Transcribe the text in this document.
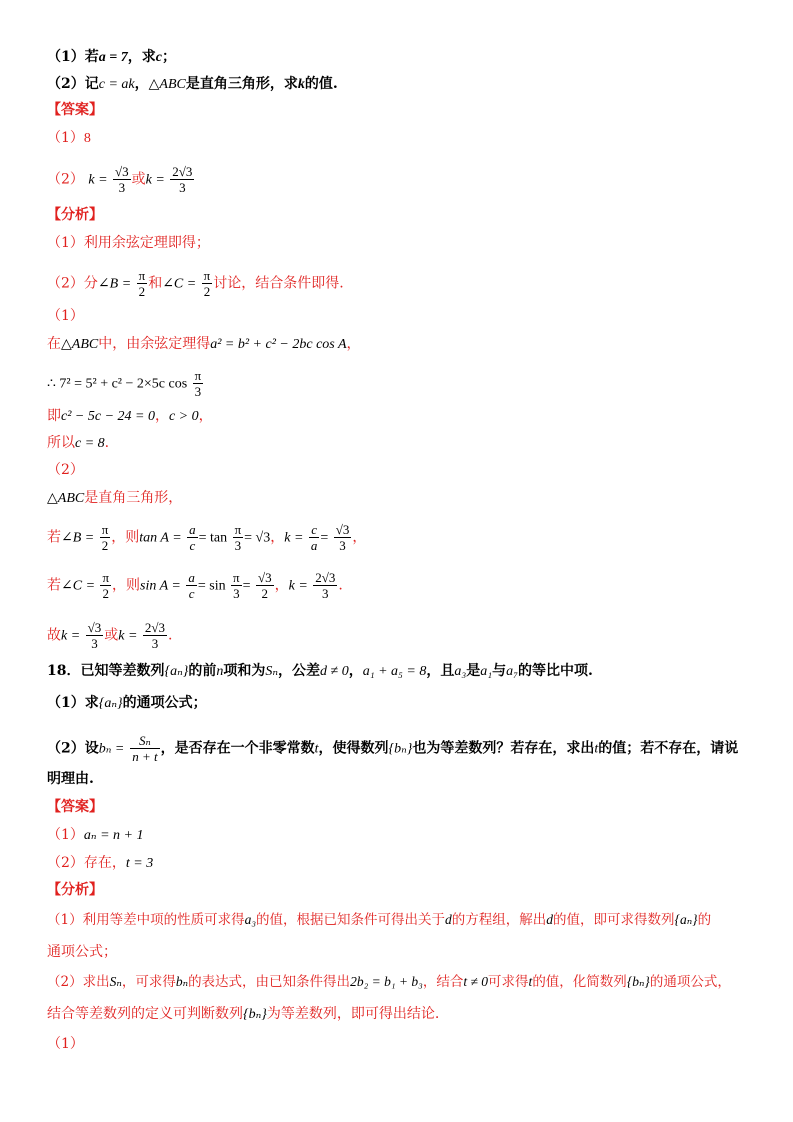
（1）若a = 7，求c；
（2）记c = ak，△ABC是直角三角形，求k的值.
【答案】
（1）8
（2） $k = \frac{√3}{3}$ 或$k = \frac{2√3}{3}$
【分析】
（1）利用余弦定理即得；
（2）分∠B = $\frac{\pi}{2}$ 和∠C = $\frac{\pi}{2}$ 讨论，结合条件即得.
（1）
在△ABC中，由余弦定理得a² = b² + c² − 2bc cos A，
∴ 7² = 5² + c² − 2×5c $\cos \frac{\pi}{3}$
即c² − 5c − 24 = 0，c > 0，
所以c = 8.
（2）
△ABC是直角三角形，
若∠B = $\frac{\pi}{2}$ ，则$\tan A = \frac{a}{c} = \tan \frac{\pi}{3} = √3$，$k = \frac{c}{a} = \frac{√3}{3}$ ，
若∠C = $\frac{\pi}{2}$ ，则$\sin A = \frac{a}{c} = \sin \frac{\pi}{3} = \frac{√3}{2}$ ，$k = \frac{2√3}{3}$ .
故$k = \frac{√3}{3}$ 或$k = \frac{2√3}{3}$ .
18．已知等差数列{aₙ}的前n项和为Sₙ，公差d ≠ 0，a₁ + a₅ = 8，且a₃是a₁与a₇的等比中项.
（1）求{aₙ}的通项公式；
（2）设$b_n = \frac{\text{Sₙ}}{n + t}$ ，是否存在一个非零常数t，使得数列{bₙ}也为等差数列？若存在，求出t的值；若不存在，请说
明理由.
【答案】
（1）aₙ = n + 1
（2）存在，t = 3
【分析】
（1）利用等差中项的性质可求得a₃的值，根据已知条件可得出关于d的方程组，解出d的值，即可求得数列{aₙ}的
通项公式；
（2）求出Sₙ，可求得bₙ的表达式，由已知条件得出2b₂ = b₁ + b₃，结合t ≠ 0可求得t的值，化简数列{bₙ}的通项公式，
结合等差数列的定义可判断数列{bₙ}为等差数列，即可得出结论.
（1）
